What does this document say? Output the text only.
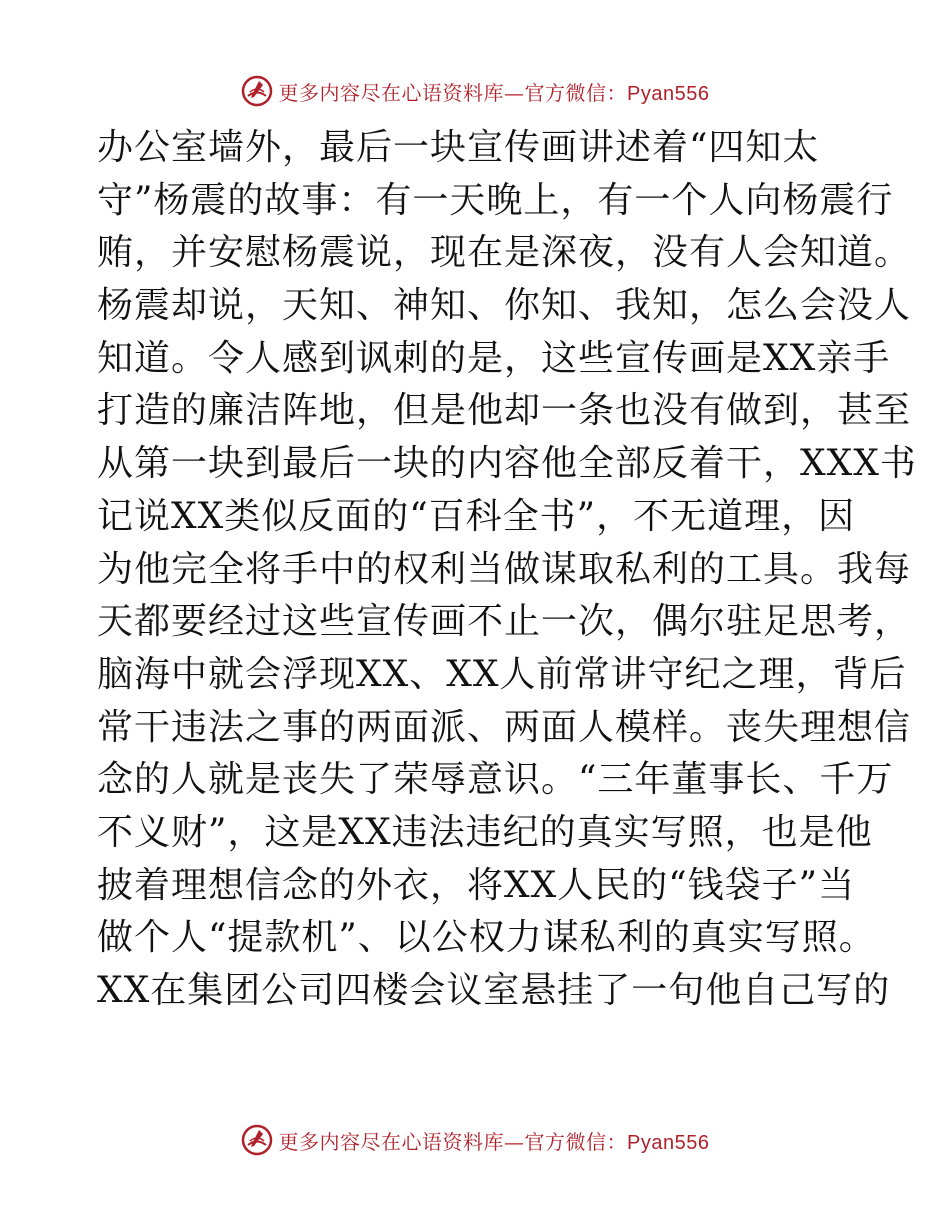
更多内容尽在心语资料库—官方微信：Pyan556
办公室墙外，最后一块宣传画讲述着“四知太
守”杨震的故事：有一天晚上，有一个人向杨震行
贿，并安慰杨震说，现在是深夜，没有人会知道。
杨震却说，天知、神知、你知、我知，怎么会没人
知道。令人感到讽刺的是，这些宣传画是XX亲手
打造的廉洁阵地，但是他却一条也没有做到，甚至
从第一块到最后一块的内容他全部反着干，XXX书
记说XX类似反面的“百科全书”，不无道理，因
为他完全将手中的权利当做谋取私利的工具。我每
天都要经过这些宣传画不止一次，偶尔驻足思考，
脑海中就会浮现XX、XX人前常讲守纪之理，背后
常干违法之事的两面派、两面人模样。丧失理想信
念的人就是丧失了荣辱意识。“三年董事长、千万
不义财”，这是XX违法违纪的真实写照，也是他
披着理想信念的外衣，将XX人民的“钱袋子”当
做个人“提款机”、以公权力谋私利的真实写照。
XX在集团公司四楼会议室悬挂了一句他自己写的
更多内容尽在心语资料库—官方微信：Pyan556
